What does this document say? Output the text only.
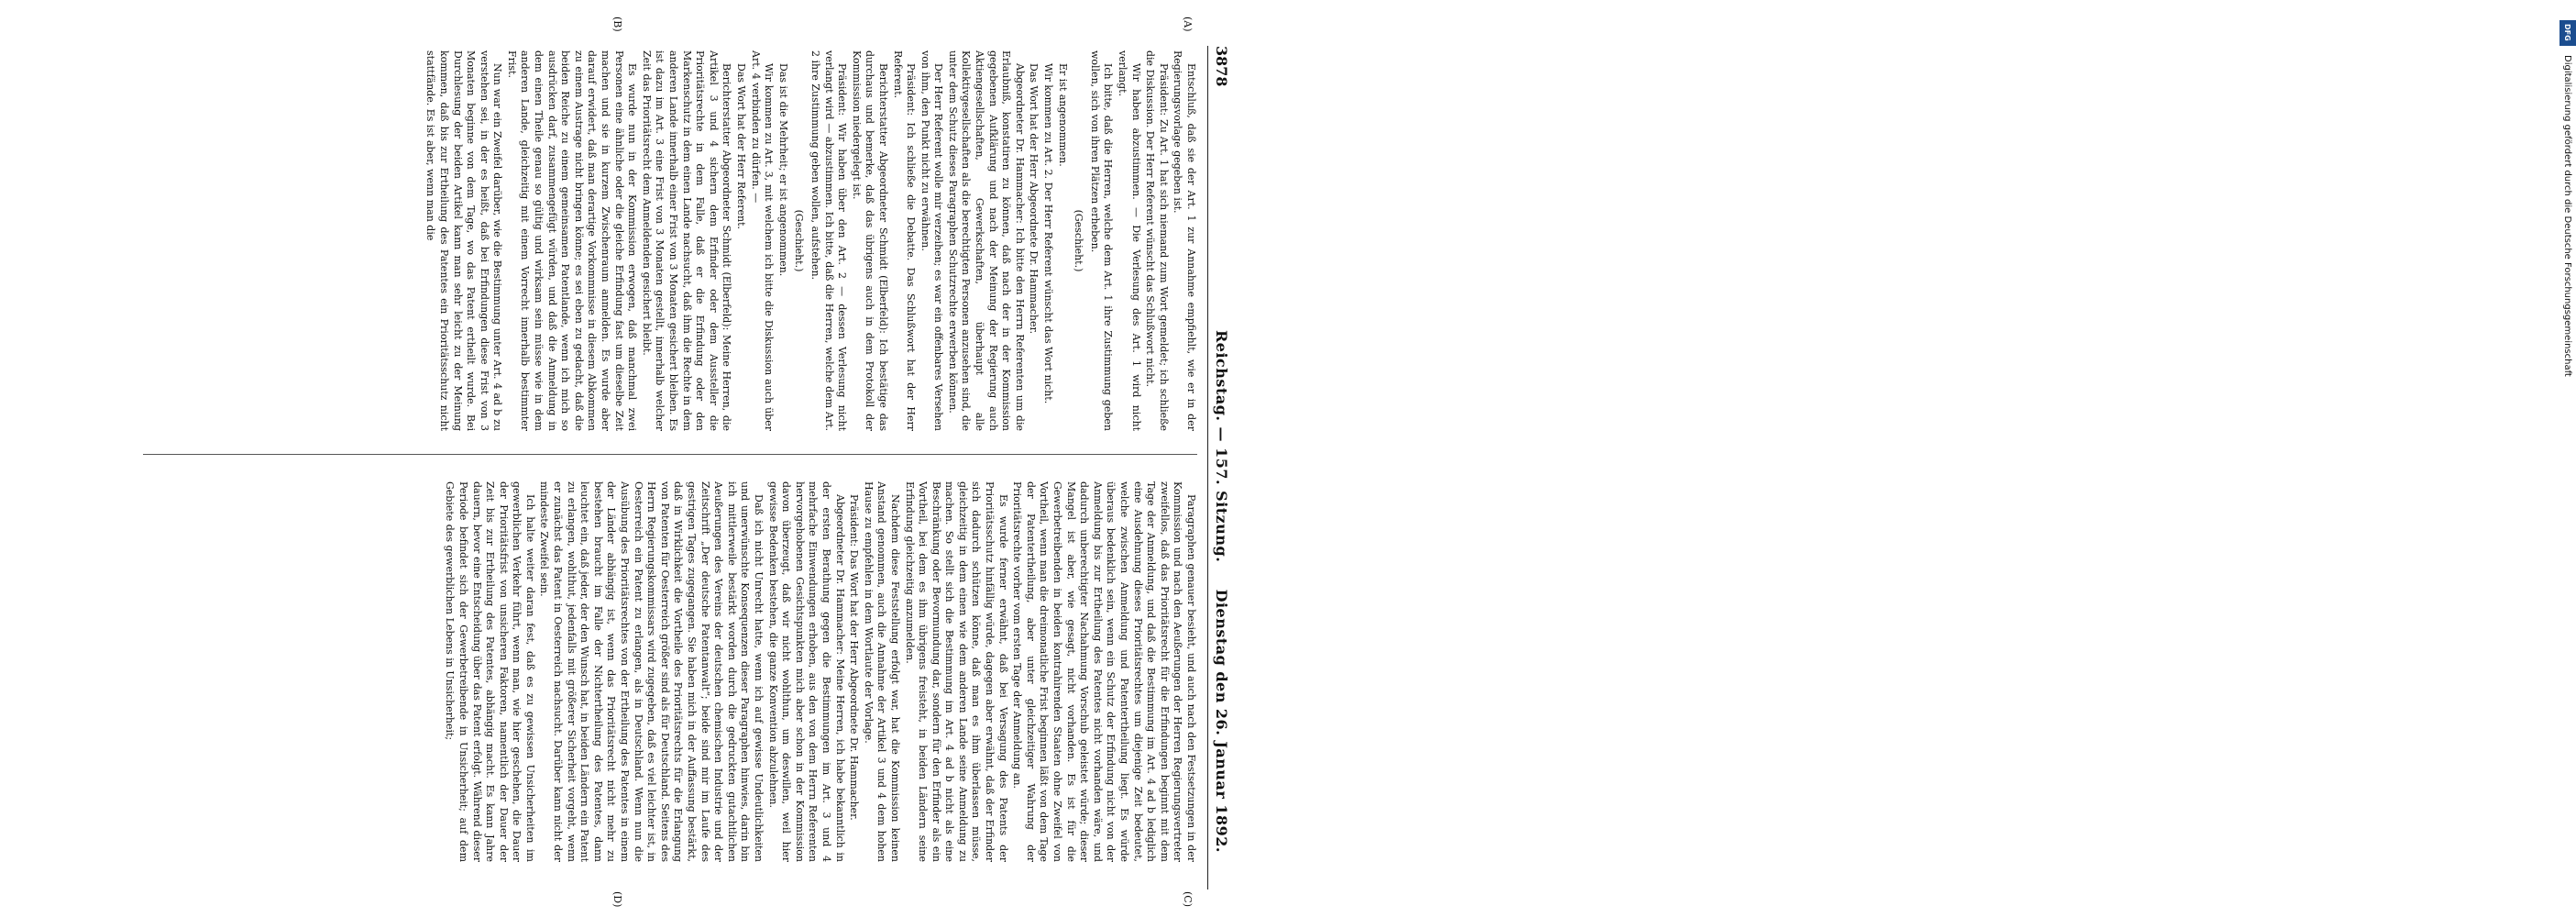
3878
Reichstag. — 157. Sitzung.
Dienstag den 26. Januar 1892.
(A)
(B)
(C)
(D)

Entschluß, daß sie der Art. 1 zur Annahme empfiehlt, wie er in der Regierungsvorlage gegeben ist.

Präsident: Zu Art. 1 hat sich niemand zum Wort gemeldet; ich schließe die Diskussion. Der Herr Referent wünscht das Schlußwort nicht.

Wir haben abzustimmen. — Die Verlesung des Art. 1 wird nicht verlangt.

Ich bitte, daß die Herren, welche dem Art. 1 ihre Zustimmung geben wollen, sich von ihren Plätzen erheben.

(Geschieht.)

Er ist angenommen.

Wir kommen zu Art. 2. Der Herr Referent wünscht das Wort nicht.

Das Wort hat der Herr Abgeordnete Dr. Hammacher.

Abgeordneter Dr. Hammacher: Ich bitte den Herrn Referenten um die Erlaubniß, konstatiren zu können, daß nach der in der Kommission gegebenen Aufklärung und nach der Meinung der Regierung auch Aktiengesellschaften, Gewerkschaften, überhaupt alle Kollektivgesellschaften als die berechtigten Personen anzusehen sind, die unter dem Schutz dieses Paragraphen Schutzrechte erwerben können.

Der Herr Referent wolle mir verzeihen; es war ein offenbares Versehen von ihm, den Punkt nicht zu erwähnen.

Präsident: Ich schließe die Debatte. Das Schlußwort hat der Herr Referent.

Berichterstatter Abgeordneter Schmidt (Elberfeld): Ich bestätige das durchaus und bemerke, daß das übrigens auch in dem Protokoll der Kommission niedergelegt ist.

Präsident: Wir haben über den Art. 2 — dessen Verlesung nicht verlangt wird — abzustimmen. Ich bitte, daß die Herren, welche dem Art. 2 ihre Zustimmung geben wollen, aufstehen.

(Geschieht.)

Das ist die Mehrheit; er ist angenommen.

Wir kommen zu Art. 3, mit welchem ich bitte die Diskussion auch über Art. 4 verbinden zu dürfen. —

Das Wort hat der Herr Referent.

Berichterstatter Abgeordneter Schmidt (Elberfeld): Meine Herren, die Artikel 3 und 4 sichern dem Erfinder oder dem Aussteller die Prioritätsrechte in dem Falle, daß er die Erfindung oder den Markenschutz in dem einen Lande nachsucht, daß ihm die Rechte in dem anderen Lande innerhalb einer Frist von 3 Monaten gesichert bleiben. Es ist dazu im Art. 3 eine Frist von 3 Monaten gestellt, innerhalb welcher Zeit das Prioritätsrecht dem Anmeldenden gesichert bleibt.

Es wurde nun in der Kommission erwogen, daß manchmal zwei Personen eine ähnliche oder die gleiche Erfindung fast um dieselbe Zeit machen und sie in kurzem Zwischenraum anmelden. Es wurde aber darauf erwidert, daß man derartige Vorkommnisse in diesem Abkommen zu einem Austrage nicht bringen könne; es sei eben zu gedacht, daß die beiden Reiche zu einem gemeinsamen Patentlande, wenn ich mich so ausdrücken darf, zusammengefügt würden, und daß die Anmeldung in dem einen Theile genau so gültig und wirksam sein müsse wie in dem anderen Lande, gleichzeitig mit einem Vorrecht innerhalb bestimmter Frist.

Nun war ein Zweifel darüber, wie die Bestimmung unter Art. 4 ad b zu verstehen sei, in der es heißt, daß bei Erfindungen diese Frist von 3 Monaten beginne von dem Tage, wo das Patent ertheilt wurde. Bei Durchlesung der beiden Artikel kann man sehr leicht zu der Meinung kommen, daß bis zur Ertheilung des Patentes ein Prioritätsschutz nicht stattfände. Es ist aber, wenn man die

Paragraphen genauer besieht, und auch nach den Festsetzungen in der Kommission und nach den Aeußerungen der Herren Regierungsvertreter zweifellos, daß das Prioritätsrecht für die Erfindungen beginnt mit dem Tage der Anmeldung, und daß die Bestimmung im Art. 4 ad b lediglich eine Ausdehnung dieses Prioritätsrechtes um diejenige Zeit bedeutet, welche zwischen Anmeldung und Patentertheilung liegt. Es würde überaus bedenklich sein, wenn ein Schutz der Erfindung nicht von der Anmeldung bis zur Ertheilung des Patentes nicht vorhanden wäre, und dadurch unberechtigter Nachahmung Vorschub geleistet würde; dieser Mangel ist aber, wie gesagt, nicht vorhanden. Es ist für die Gewerbetreibenden in beiden kontrahirenden Staaten ohne Zweifel von Vortheil, wenn man die dreimonatliche Frist beginnen läßt von dem Tage der Patentertheilung, aber unter gleichzeitiger Wahrung der Prioritätsrechte vorher vom ersten Tage der Anmeldung an.

Es wurde ferner erwähnt, daß bei Versagung des Patents der Prioritätsschutz hinfällig würde, dagegen aber erwähnt, daß der Erfinder sich dadurch schützen könne, daß man es ihm überlassen müsse, gleichzeitig in dem einen wie dem anderen Lande seine Anmeldung zu machen. So stellt sich die Bestimmung im Art. 4 ad b nicht als eine Beschränkung oder Bevormundung dar, sondern für den Erfinder als ein Vortheil, bei dem es ihm übrigens freisteht, in beiden Ländern seine Erfindung gleichzeitig anzumelden.

Nachdem diese Feststellung erfolgt war, hat die Kommission keinen Anstand genommen, auch die Annahme der Artikel 3 und 4 dem hohen Hause zu empfehlen in dem Wortlaute der Vorlage.

Präsident: Das Wort hat der Herr Abgeordnete Dr. Hammacher.

Abgeordneter Dr. Hammacher: Meine Herren, ich habe bekanntlich in der ersten Berathung gegen die Bestimmungen im Art. 3 und 4 mehrfache Einwendungen erhoben, aus den von dem Herrn Referenten hervorgehobenen Gesichtspunkten mich aber schon in der Kommission davon überzeugt, daß wir nicht wohlthun, um deswillen, weil hier gewisse Bedenken bestehen, die ganze Konvention abzulehnen.

Daß ich nicht Unrecht hatte, wenn ich auf gewisse Undeutlichkeiten und unerwünschte Konsequenzen dieser Paragraphen hinwies, darin bin ich mittlerweile bestärkt worden durch die gedruckten gutachtlichen Aeußerungen des Vereins der deutschen chemischen Industrie und der Zeitschrift „Der deutsche Patentanwalt“; beide sind mir im Laufe des gestrigen Tages zugegangen. Sie haben mich in der Auffassung bestärkt, daß in Wirklichkeit die Vortheile des Prioritätsrechts für die Erlangung von Patenten für Oesterreich größer sind als für Deutschland. Seitens des Herrn Regierungskommissars wird zugegeben, daß es viel leichter ist, in Oesterreich ein Patent zu erlangen, als in Deutschland. Wenn nun die Ausübung des Prioritätsrechtes von der Ertheilung des Patentes in einem der Länder abhängig ist, wenn das Prioritätsrecht nicht mehr zu bestehen braucht im Falle der Nichtertheilung des Patentes, dann leuchtet ein, daß jeder, der den Wunsch hat, in beiden Ländern ein Patent zu erlangen, wohlthut, jedenfalls mit größerer Sicherheit vorgeht, wenn er zunächst das Patent in Oesterreich nachsucht. Darüber kann nicht der mindeste Zweifel sein.

Ich halte weiter daran fest, daß es zu gewissen Unsicherheiten im gewerblichen Verkehr führt, wenn man, wie hier geschehen, die Dauer der Prioritätsfrist von unsicheren Faktoren, namentlich der Dauer der Zeit bis zur Ertheilung des Patentes, abhängig macht. Es kann Jahre dauern, bevor eine Entscheidung über das Patent erfolgt. Während dieser Periode befindet sich der Gewerbetreibende in Unsicherheit; auf dem Gebiete des gewerblichen Lebens in Unsicherheit;

DFG
Digitalisierung gefördert durch die Deutsche Forschungsgemeinschaft
